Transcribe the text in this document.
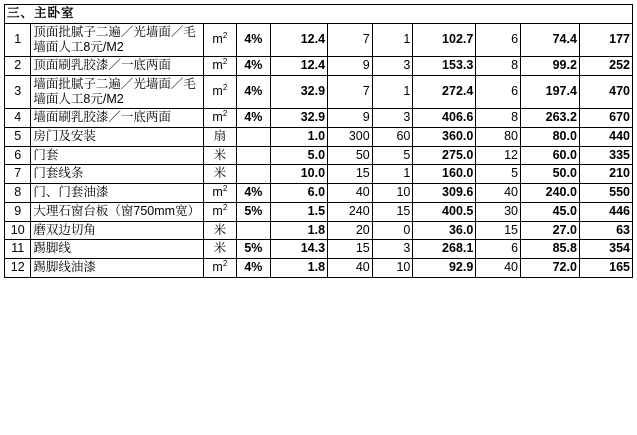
三、主卧室										
1	顶面批腻子二遍／光墙面／毛墙面人工8元/M2	$m^2$	4%	12.4	7	1	102.7	6	74.4	177
2	顶面刷乳胶漆／一底两面	$m^2$	4%	12.4	9	3	153.3	8	99.2	252
3	墙面批腻子二遍／光墙面／毛墙面人工8元/M2	$m^2$	4%	32.9	7	1	272.4	6	197.4	470
4	墙面刷乳胶漆／一底两面	$m^2$	4%	32.9	9	3	406.6	8	263.2	670
5	房门及安装	扇		1.0	300	60	360.0	80	80.0	440
6	门套	米		5.0	50	5	275.0	12	60.0	335
7	门套线条	米		10.0	15	1	160.0	5	50.0	210
8	门、门套油漆	$m^2$	4%	6.0	40	10	309.6	40	240.0	550
9	大理石窗台板（窗750mm宽）	$m^2$	5%	1.5	240	15	400.5	30	45.0	446
10	磨双边切角	米		1.8	20	0	36.0	15	27.0	63
11	踢脚线	米	5%	14.3	15	3	268.1	6	85.8	354
12	踢脚线油漆	$m^2$	4%	1.8	40	10	92.9	40	72.0	165
